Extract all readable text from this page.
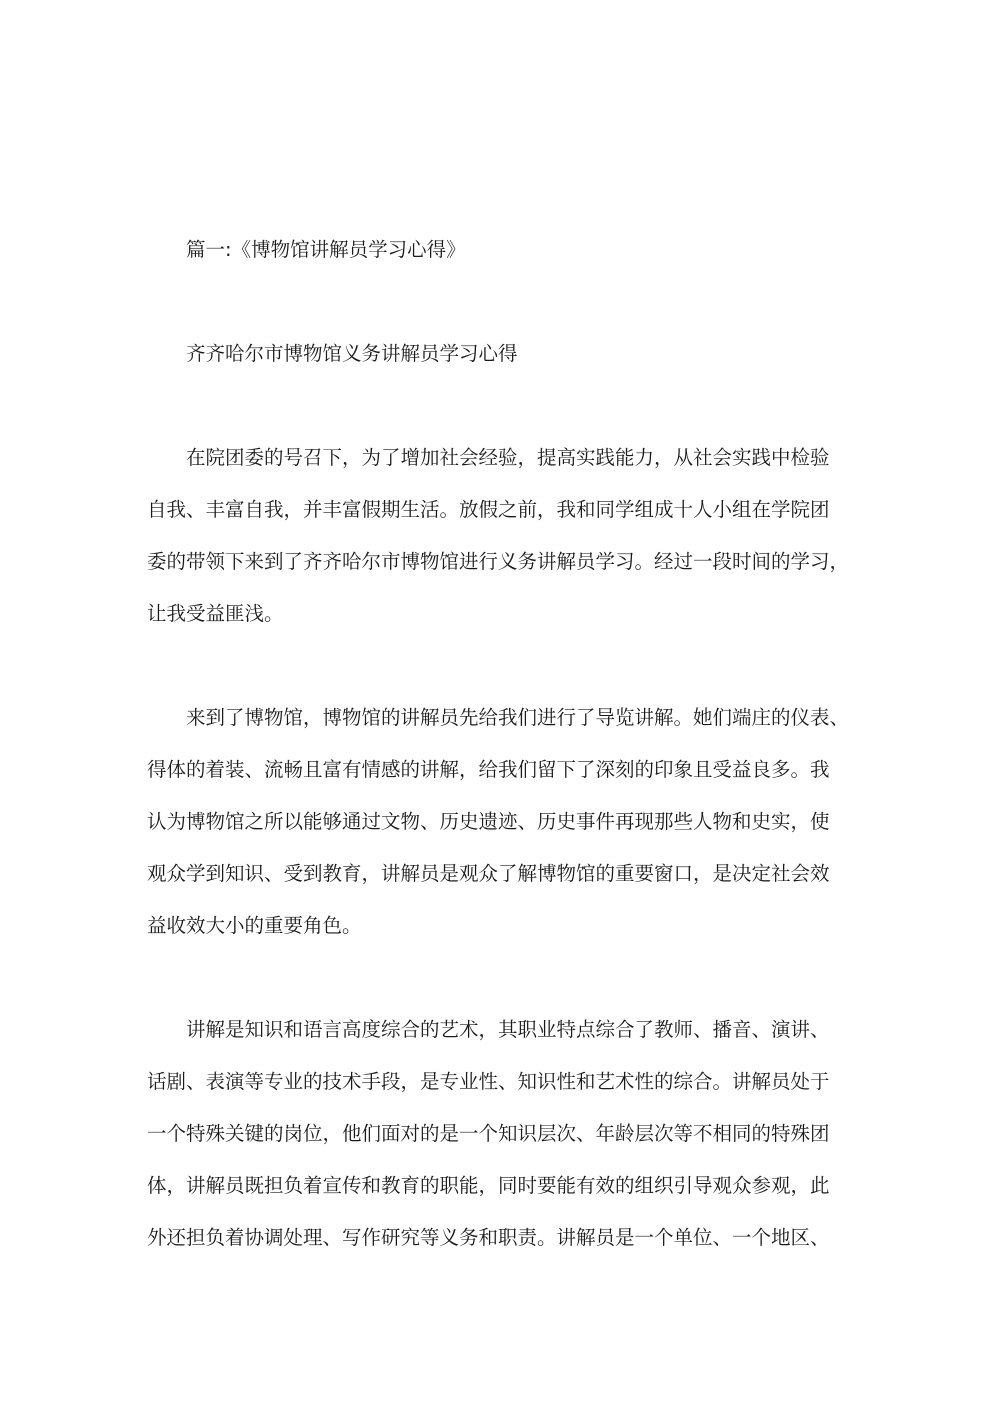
篇一:《博物馆讲解员学习心得》
齐齐哈尔市博物馆义务讲解员学习心得
在院团委的号召下，为了增加社会经验，提高实践能力，从社会实践中检验
自我、丰富自我，并丰富假期生活。放假之前，我和同学组成十人小组在学院团
委的带领下来到了齐齐哈尔市博物馆进行义务讲解员学习。经过一段时间的学习，
让我受益匪浅。
来到了博物馆，博物馆的讲解员先给我们进行了导览讲解。她们端庄的仪表、
得体的着装、流畅且富有情感的讲解，给我们留下了深刻的印象且受益良多。我
认为博物馆之所以能够通过文物、历史遗迹、历史事件再现那些人物和史实，使
观众学到知识、受到教育，讲解员是观众了解博物馆的重要窗口，是决定社会效
益收效大小的重要角色。
讲解是知识和语言高度综合的艺术，其职业特点综合了教师、播音、演讲、
话剧、表演等专业的技术手段，是专业性、知识性和艺术性的综合。讲解员处于
一个特殊关键的岗位，他们面对的是一个知识层次、年龄层次等不相同的特殊团
体，讲解员既担负着宣传和教育的职能，同时要能有效的组织引导观众参观，此
外还担负着协调处理、写作研究等义务和职责。讲解员是一个单位、一个地区、
